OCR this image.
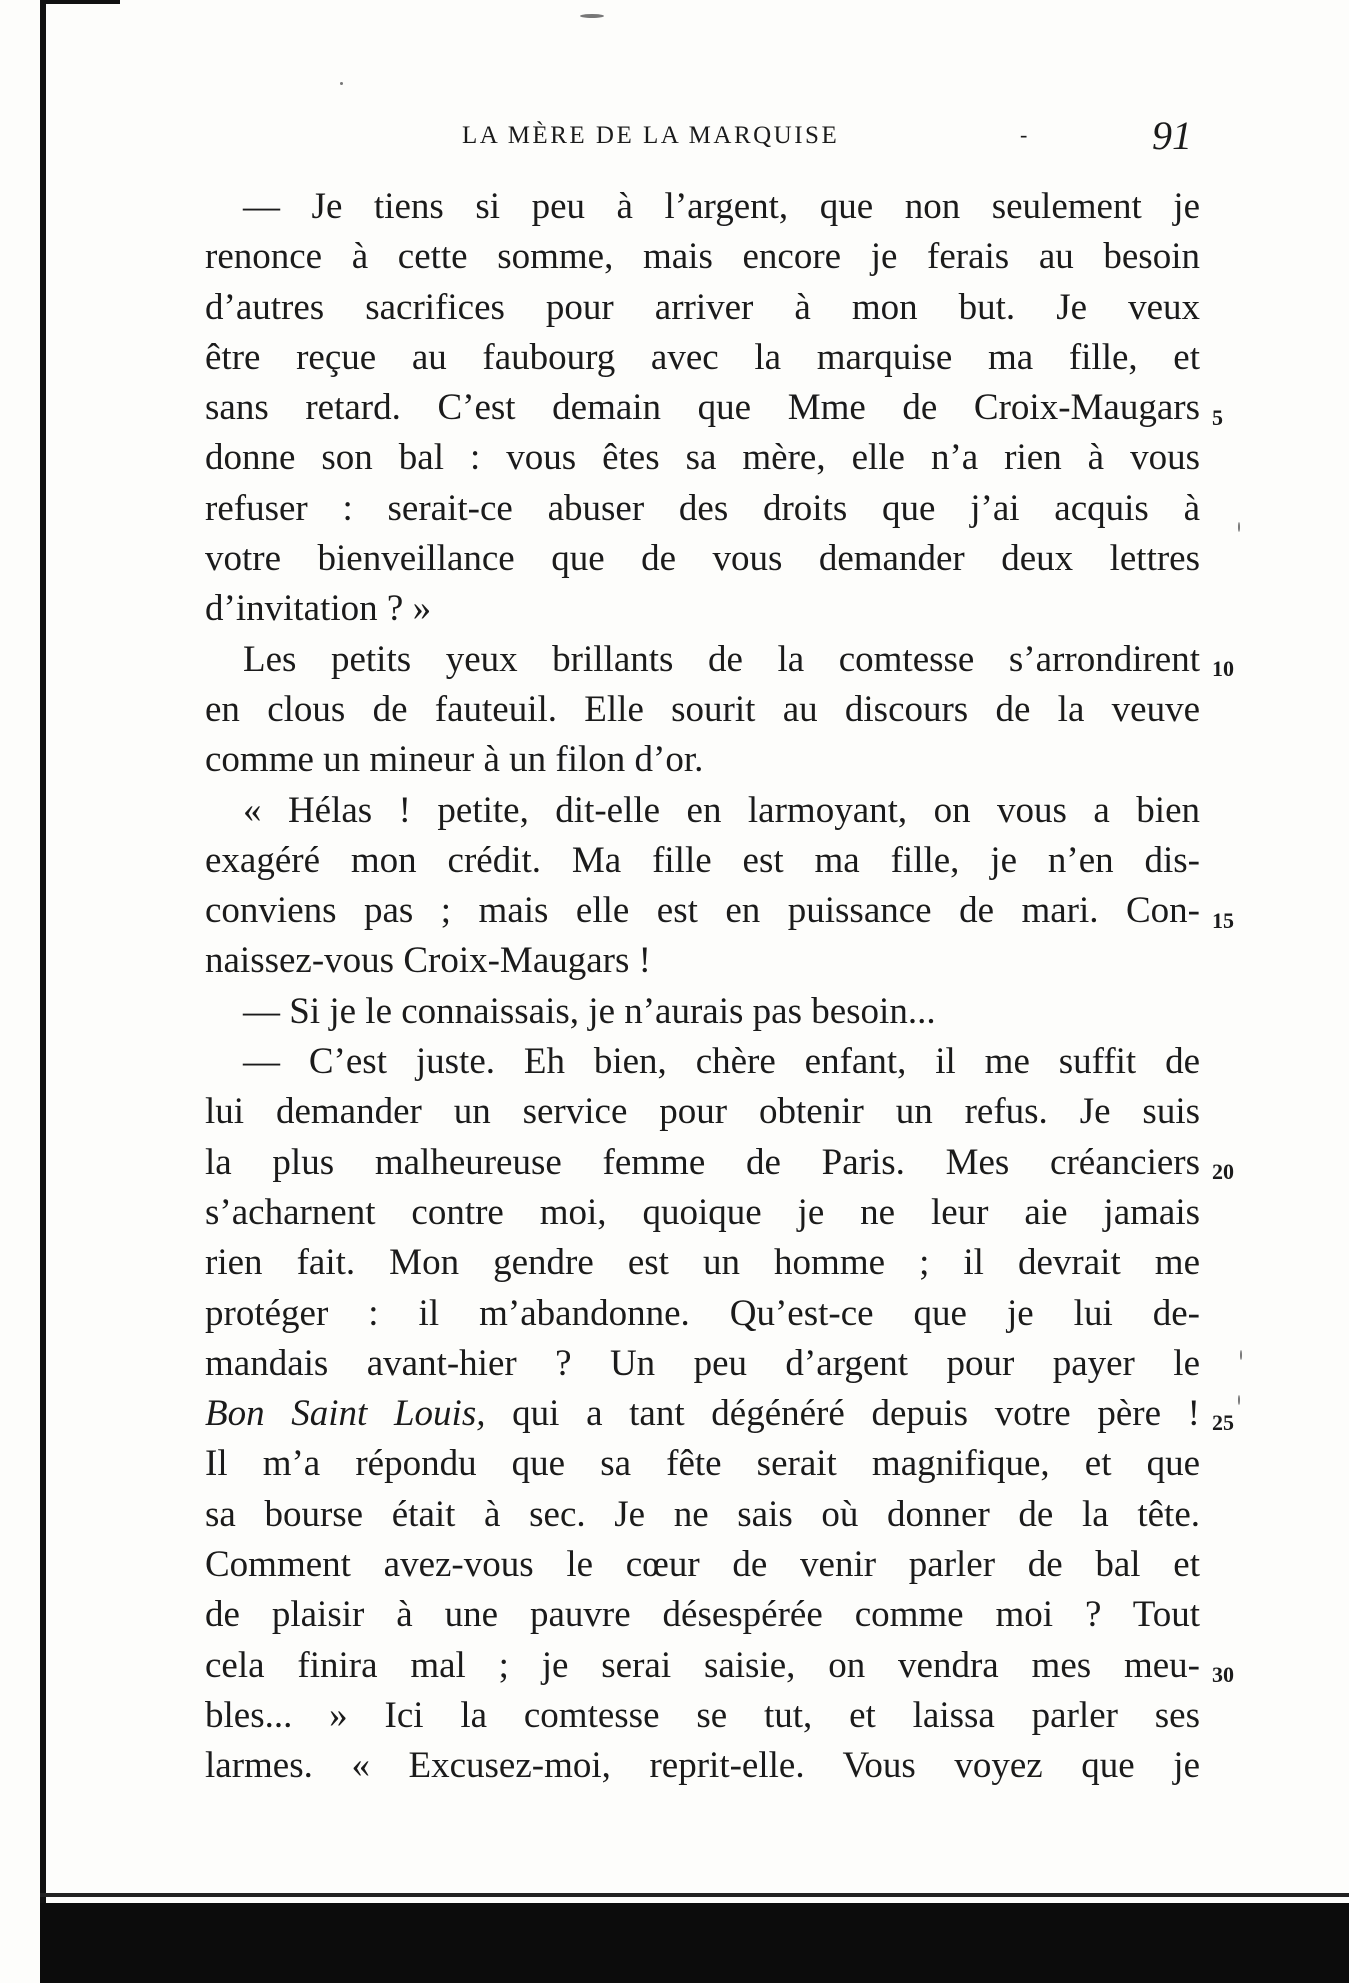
LA MÈRE DE LA MARQUISE	-	91
— Je tiens si peu à l’argent, que non seulement je
renonce à cette somme, mais encore je ferais au besoin
d’autres sacrifices pour arriver à mon but. Je veux
être reçue au faubourg avec la marquise ma fille, et
sans retard. C’est demain que Mme de Croix-Maugars
donne son bal : vous êtes sa mère, elle n’a rien à vous
refuser : serait-ce abuser des droits que j’ai acquis à
votre bienveillance que de vous demander deux lettres
d’invitation ? »
Les petits yeux brillants de la comtesse s’arrondirent
en clous de fauteuil. Elle sourit au discours de la veuve
comme un mineur à un filon d’or.
« Hélas ! petite, dit-elle en larmoyant, on vous a bien
exagéré mon crédit. Ma fille est ma fille, je n’en dis-
conviens pas ; mais elle est en puissance de mari. Con-
naissez-vous Croix-Maugars !
— Si je le connaissais, je n’aurais pas besoin...
— C’est juste. Eh bien, chère enfant, il me suffit de
lui demander un service pour obtenir un refus. Je suis
la plus malheureuse femme de Paris. Mes créanciers
s’acharnent contre moi, quoique je ne leur aie jamais
rien fait. Mon gendre est un homme ; il devrait me
protéger : il m’abandonne. Qu’est-ce que je lui de-
mandais avant-hier ? Un peu d’argent pour payer le
Bon Saint Louis, qui a tant dégénéré depuis votre père !
Il m’a répondu que sa fête serait magnifique, et que
sa bourse était à sec. Je ne sais où donner de la tête.
Comment avez-vous le cœur de venir parler de bal et
de plaisir à une pauvre désespérée comme moi ? Tout
cela finira mal ; je serai saisie, on vendra mes meu-
bles... » Ici la comtesse se tut, et laissa parler ses
larmes. « Excusez-moi, reprit-elle. Vous voyez que je
5
10
15
20
25
30
